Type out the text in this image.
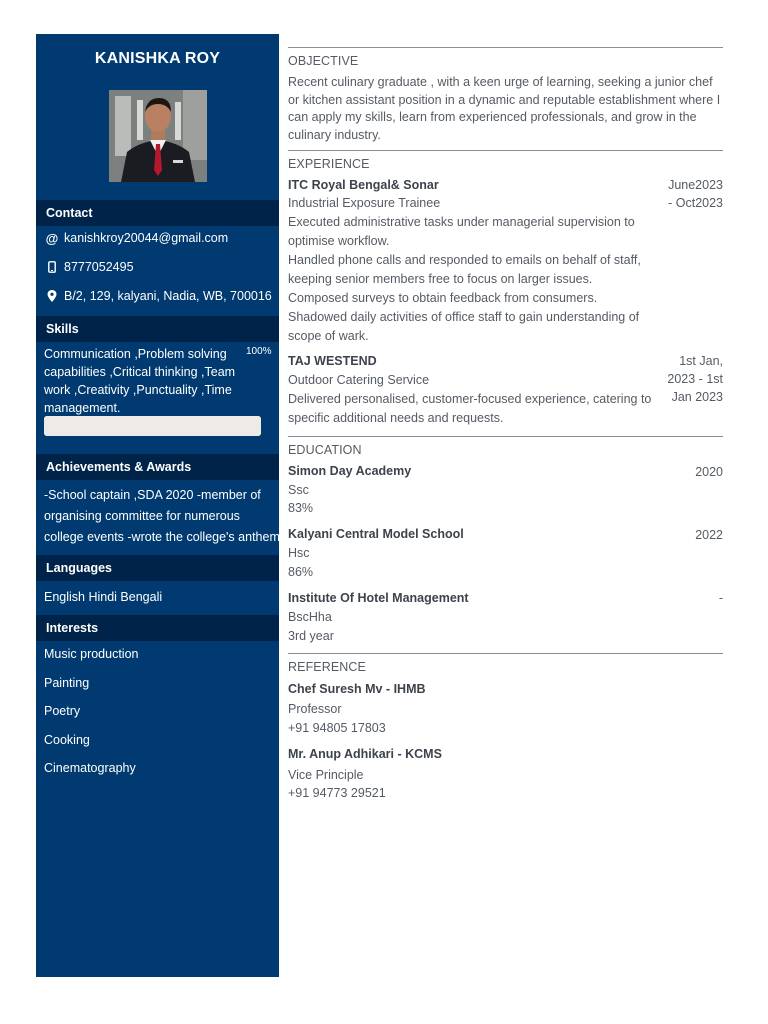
KANISHKA ROY
Contact
@ kanishkroy20044@gmail.com
8777052495
B/2, 129, kalyani, Nadia, WB, 700016
Skills
Communication ,Problem solving capabilities ,Critical thinking ,Team work ,Creativity ,Punctuality ,Time management.
100%
Achievements & Awards
-School captain ,SDA 2020 -member of
organising committee for numerous
college events -wrote the college's anthem
Languages
English Hindi Bengali
Interests
Music production
Painting
Poetry
Cooking
Cinematography
OBJECTIVE
Recent culinary graduate , with a keen urge of learning, seeking a junior chef or kitchen assistant position in a dynamic and reputable establishment where I can apply my skills, learn from experienced professionals, and grow in the culinary industry.
EXPERIENCE
ITC Royal Bengal& Sonar	June2023
- Oct2023
Industrial Exposure Trainee
Executed administrative tasks under managerial supervision to optimise workflow.
Handled phone calls and responded to emails on behalf of staff, keeping senior members free to focus on larger issues.
Composed surveys to obtain feedback from consumers.
Shadowed daily activities of office staff to gain understanding of scope of wark.
TAJ WESTEND	1st Jan,
2023 - 1st
Jan 2023
Outdoor Catering Service
Delivered personalised, customer-focused experience, catering to specific additional needs and requests.
EDUCATION
Simon Day Academy	2020
Ssc
83%
Kalyani Central Model School	2022
Hsc
86%
Institute Of Hotel Management	-
BscHha
3rd year
REFERENCE
Chef Suresh Mv - IHMB
Professor
+91 94805 17803
Mr. Anup Adhikari - KCMS
Vice Principle
+91 94773 29521
